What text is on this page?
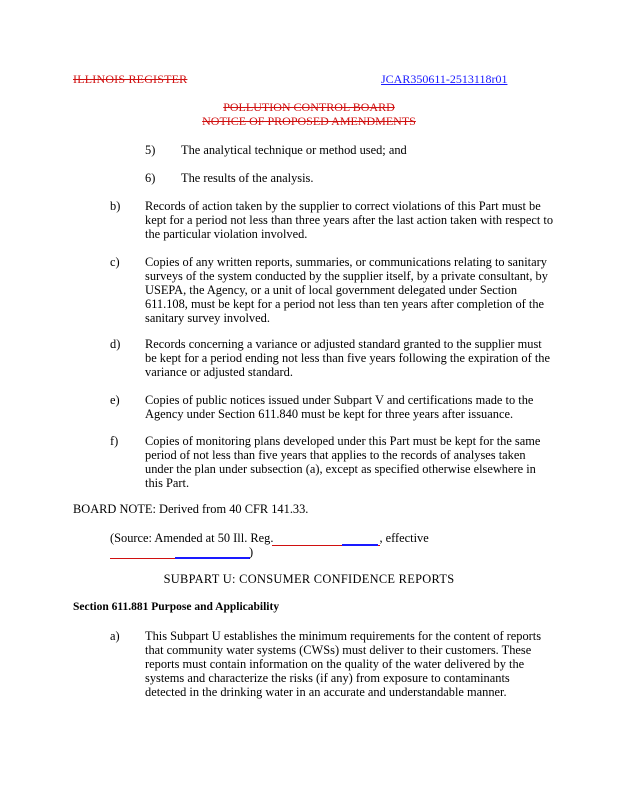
ILLINOIS REGISTER	JCAR350611-2513118r01
POLLUTION CONTROL BOARD
NOTICE OF PROPOSED AMENDMENTS
5) The analytical technique or method used; and
6) The results of the analysis.
b) Records of action taken by the supplier to correct violations of this Part must be
kept for a period not less than three years after the last action taken with respect to
the particular violation involved.
c) Copies of any written reports, summaries, or communications relating to sanitary
surveys of the system conducted by the supplier itself, by a private consultant, by
USEPA, the Agency, or a unit of local government delegated under Section
611.108, must be kept for a period not less than ten years after completion of the
sanitary survey involved.
d) Records concerning a variance or adjusted standard granted to the supplier must
be kept for a period ending not less than five years following the expiration of the
variance or adjusted standard.
e) Copies of public notices issued under Subpart V and certifications made to the
Agency under Section 611.840 must be kept for three years after issuance.
f) Copies of monitoring plans developed under this Part must be kept for the same
period of not less than five years that applies to the records of analyses taken
under the plan under subsection (a), except as specified otherwise elsewhere in
this Part.
BOARD NOTE: Derived from 40 CFR 141.33.
(Source: Amended at 50 Ill. Reg.	, effective
)
SUBPART U: CONSUMER CONFIDENCE REPORTS
Section 611.881 Purpose and Applicability
a) This Subpart U establishes the minimum requirements for the content of reports
that community water systems (CWSs) must deliver to their customers. These
reports must contain information on the quality of the water delivered by the
systems and characterize the risks (if any) from exposure to contaminants
detected in the drinking water in an accurate and understandable manner.
